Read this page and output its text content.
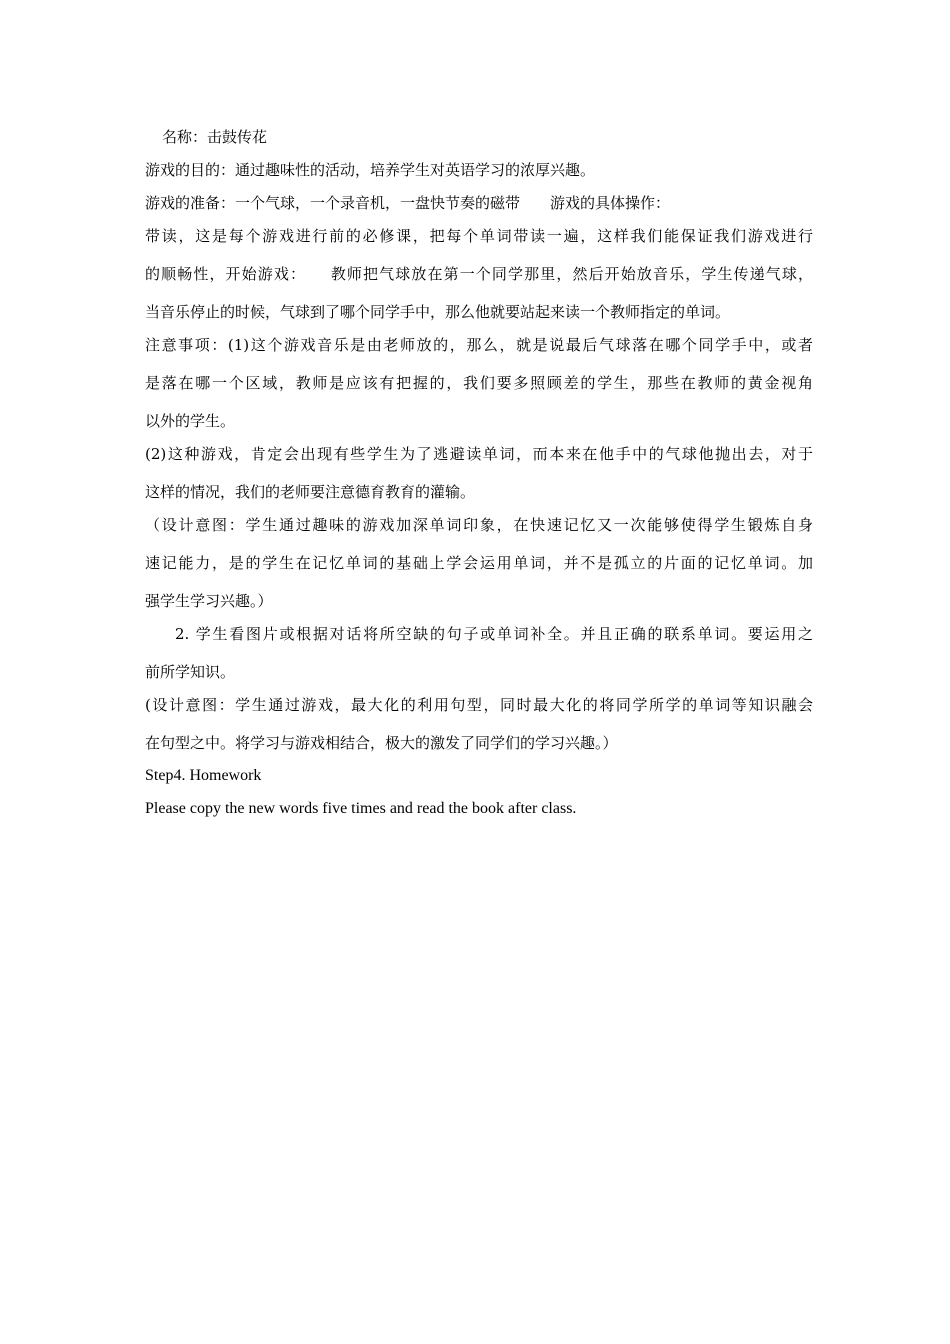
名称：击鼓传花
游戏的目的：通过趣味性的活动，培养学生对英语学习的浓厚兴趣。
游戏的准备：一个气球，一个录音机，一盘快节奏的磁带　　游戏的具体操作：
带读，这是每个游戏进行前的必修课，把每个单词带读一遍，这样我们能保证我们游戏进行
的顺畅性，开始游戏：　　教师把气球放在第一个同学那里，然后开始放音乐，学生传递气球，
当音乐停止的时候，气球到了哪个同学手中，那么他就要站起来读一个教师指定的单词。
注意事项：(1)这个游戏音乐是由老师放的，那么，就是说最后气球落在哪个同学手中，或者
是落在哪一个区域，教师是应该有把握的，我们要多照顾差的学生，那些在教师的黄金视角
以外的学生。
(2)这种游戏，肯定会出现有些学生为了逃避读单词，而本来在他手中的气球他抛出去，对于
这样的情况，我们的老师要注意德育教育的灌输。
（设计意图：学生通过趣味的游戏加深单词印象，在快速记忆又一次能够使得学生锻炼自身
速记能力，是的学生在记忆单词的基础上学会运用单词，并不是孤立的片面的记忆单词。加
强学生学习兴趣。）
2. 学生看图片或根据对话将所空缺的句子或单词补全。并且正确的联系单词。要运用之
前所学知识。
(设计意图：学生通过游戏，最大化的利用句型，同时最大化的将同学所学的单词等知识融会
在句型之中。将学习与游戏相结合，极大的激发了同学们的学习兴趣。）
Step4. Homework
Please copy the new words five times and read the book after class.
